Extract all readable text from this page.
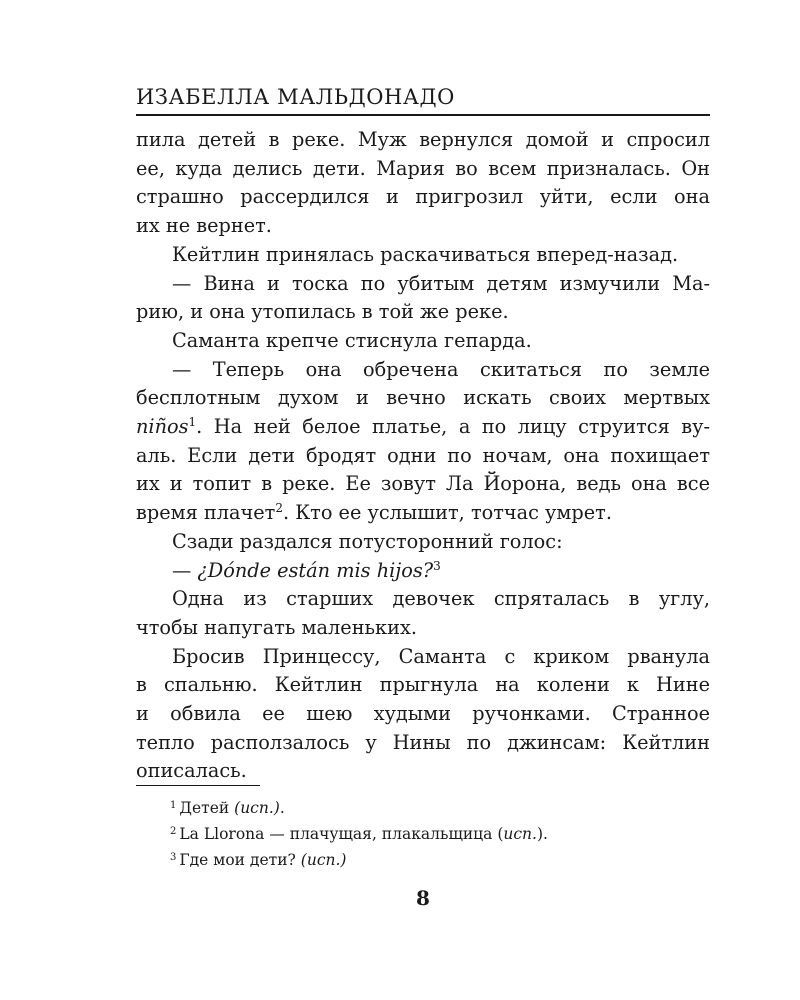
ИЗАБЕЛЛА МАЛЬДОНАДО

пила детей в реке. Муж вернулся домой и спросил

ее, куда делись дети. Мария во всем призналась. Он

страшно рассердился и пригрозил уйти, если она

их не вернет.

Кейтлин принялась раскачиваться вперед-назад.

— Вина и тоска по убитым детям измучили Ма-

рию, и она утопилась в той же реке.

Саманта крепче стиснула гепарда.

— Теперь она обречена скитаться по земле

бесплотным духом и вечно искать своих мертвых

niños$^1$. На ней белое платье, а по лицу струится ву-

аль. Если дети бродят одни по ночам, она похищает

их и топит в реке. Ее зовут Ла Йорона, ведь она все

время плачет$^2$. Кто ее услышит, тотчас умрет.

Сзади раздался потусторонний голос:

— ¿Dónde están mis hijos?$^3$

Одна из старших девочек спряталась в углу,

чтобы напугать маленьких.

Бросив Принцессу, Саманта с криком рванула

в спальню. Кейтлин прыгнула на колени к Нине

и обвила ее шею худыми ручонками. Странное

тепло расползалось у Нины по джинсам: Кейтлин

описалась.

$^1$ Детей (исп.).
$^2$ La Llorona — плачущая, плакальщица (исп.).
$^3$ Где мои дети? (исп.)
8
